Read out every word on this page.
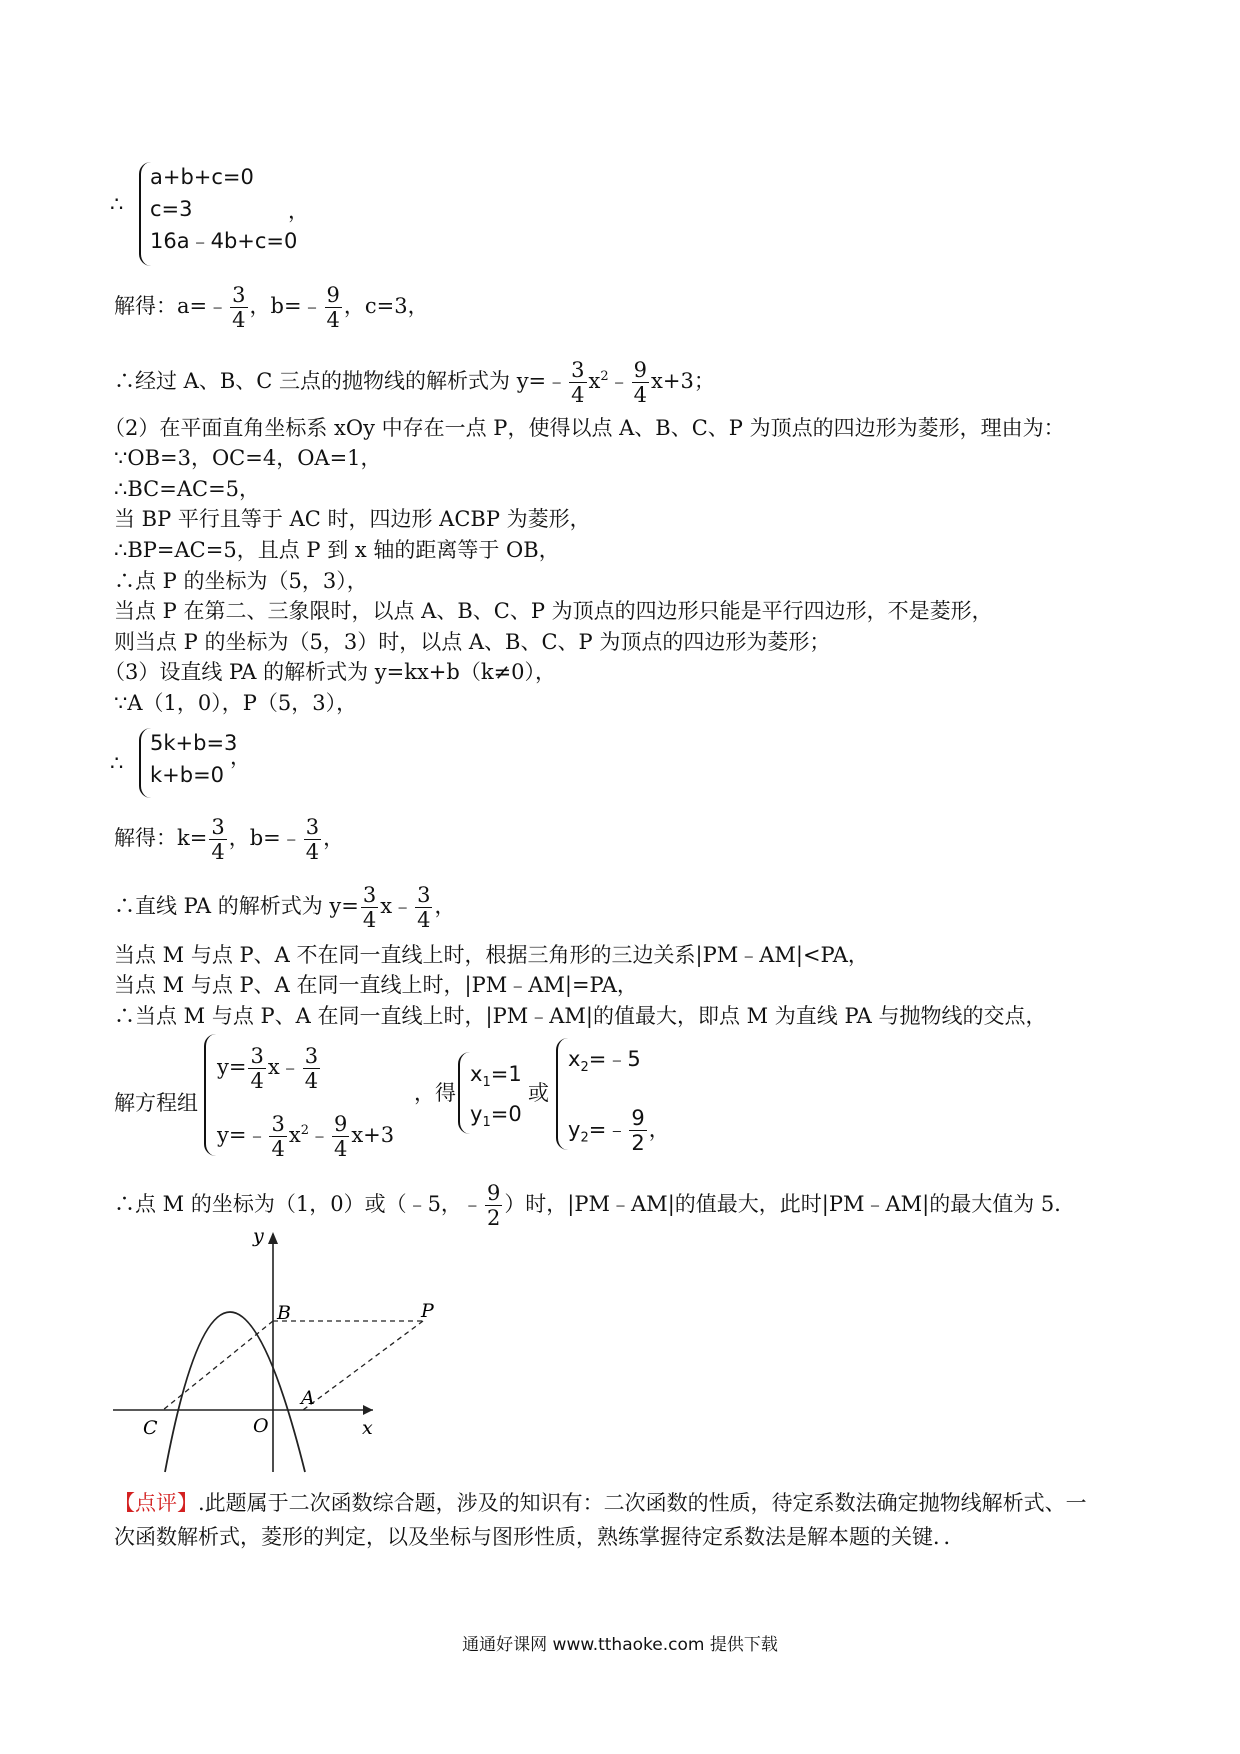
∴
a+b+c=0
c=3
16a﹣4b+c=0
，
解得：a=﹣ $\frac{3}{4}$ ，b=﹣ $\frac{9}{4}$ ，c=3，
∴经过 A、B、C 三点的抛物线的解析式为 y=﹣ $\frac{3}{4}$ $x^2﹣ \frac{9}{4} x+3$；
（2）在平面直角坐标系 xOy 中存在一点 P，使得以点 A、B、C、P 为顶点的四边形为菱形，理由为：
∵OB=3，OC=4，OA=1，
∴BC=AC=5，
当 BP 平行且等于 AC 时，四边形 ACBP 为菱形，
∴BP=AC=5，且点 P 到 x 轴的距离等于 OB，
∴点 P 的坐标为（5，3），
当点 P 在第二、三象限时，以点 A、B、C、P 为顶点的四边形只能是平行四边形，不是菱形，
则当点 P 的坐标为（5，3）时，以点 A、B、C、P 为顶点的四边形为菱形；
（3）设直线 PA 的解析式为 y=kx+b（k≠0），
∵A（1，0），P（5，3），
∴
5k+b=3
k+b=0
，
解得：$k= \frac{3}{4}$ ，b=﹣ $\frac{3}{4}$ ，
∴直线 PA 的解析式为 $y= \frac{3}{4}$ x﹣ $\frac{3}{4}$ ，
当点 M 与点 P、A 不在同一直线上时，根据三角形的三边关系|PM﹣AM|<PA，
当点 M 与点 P、A 在同一直线上时，|PM﹣AM|=PA，
∴当点 M 与点 P、A 在同一直线上时，|PM﹣AM|的值最大，即点 M 为直线 PA 与抛物线的交点，
解方程组
$y= \frac{3}{4}$ x﹣ $\frac{3}{4}$
y=﹣ $\frac{3}{4}$ $x^2﹣ \frac{9}{4} x+3$
，得
$x_1=1$
$y_1=0$
或
$x_2=﹣5$
$y_2=﹣ \frac{9}{2}$ ，
∴点 M 的坐标为（1，0）或（﹣5，﹣ $\frac{9}{2}$ ）时，|PM﹣AM|的值最大，此时|PM﹣AM|的最大值为 5．
y
x
B	P
A
C	O
【点评】.此题属于二次函数综合题，涉及的知识有：二次函数的性质，待定系数法确定抛物线解析式、一
次函数解析式，菱形的判定，以及坐标与图形性质，熟练掌握待定系数法是解本题的关键．．
通通好课网 www.tthaoke.com 提供下载
